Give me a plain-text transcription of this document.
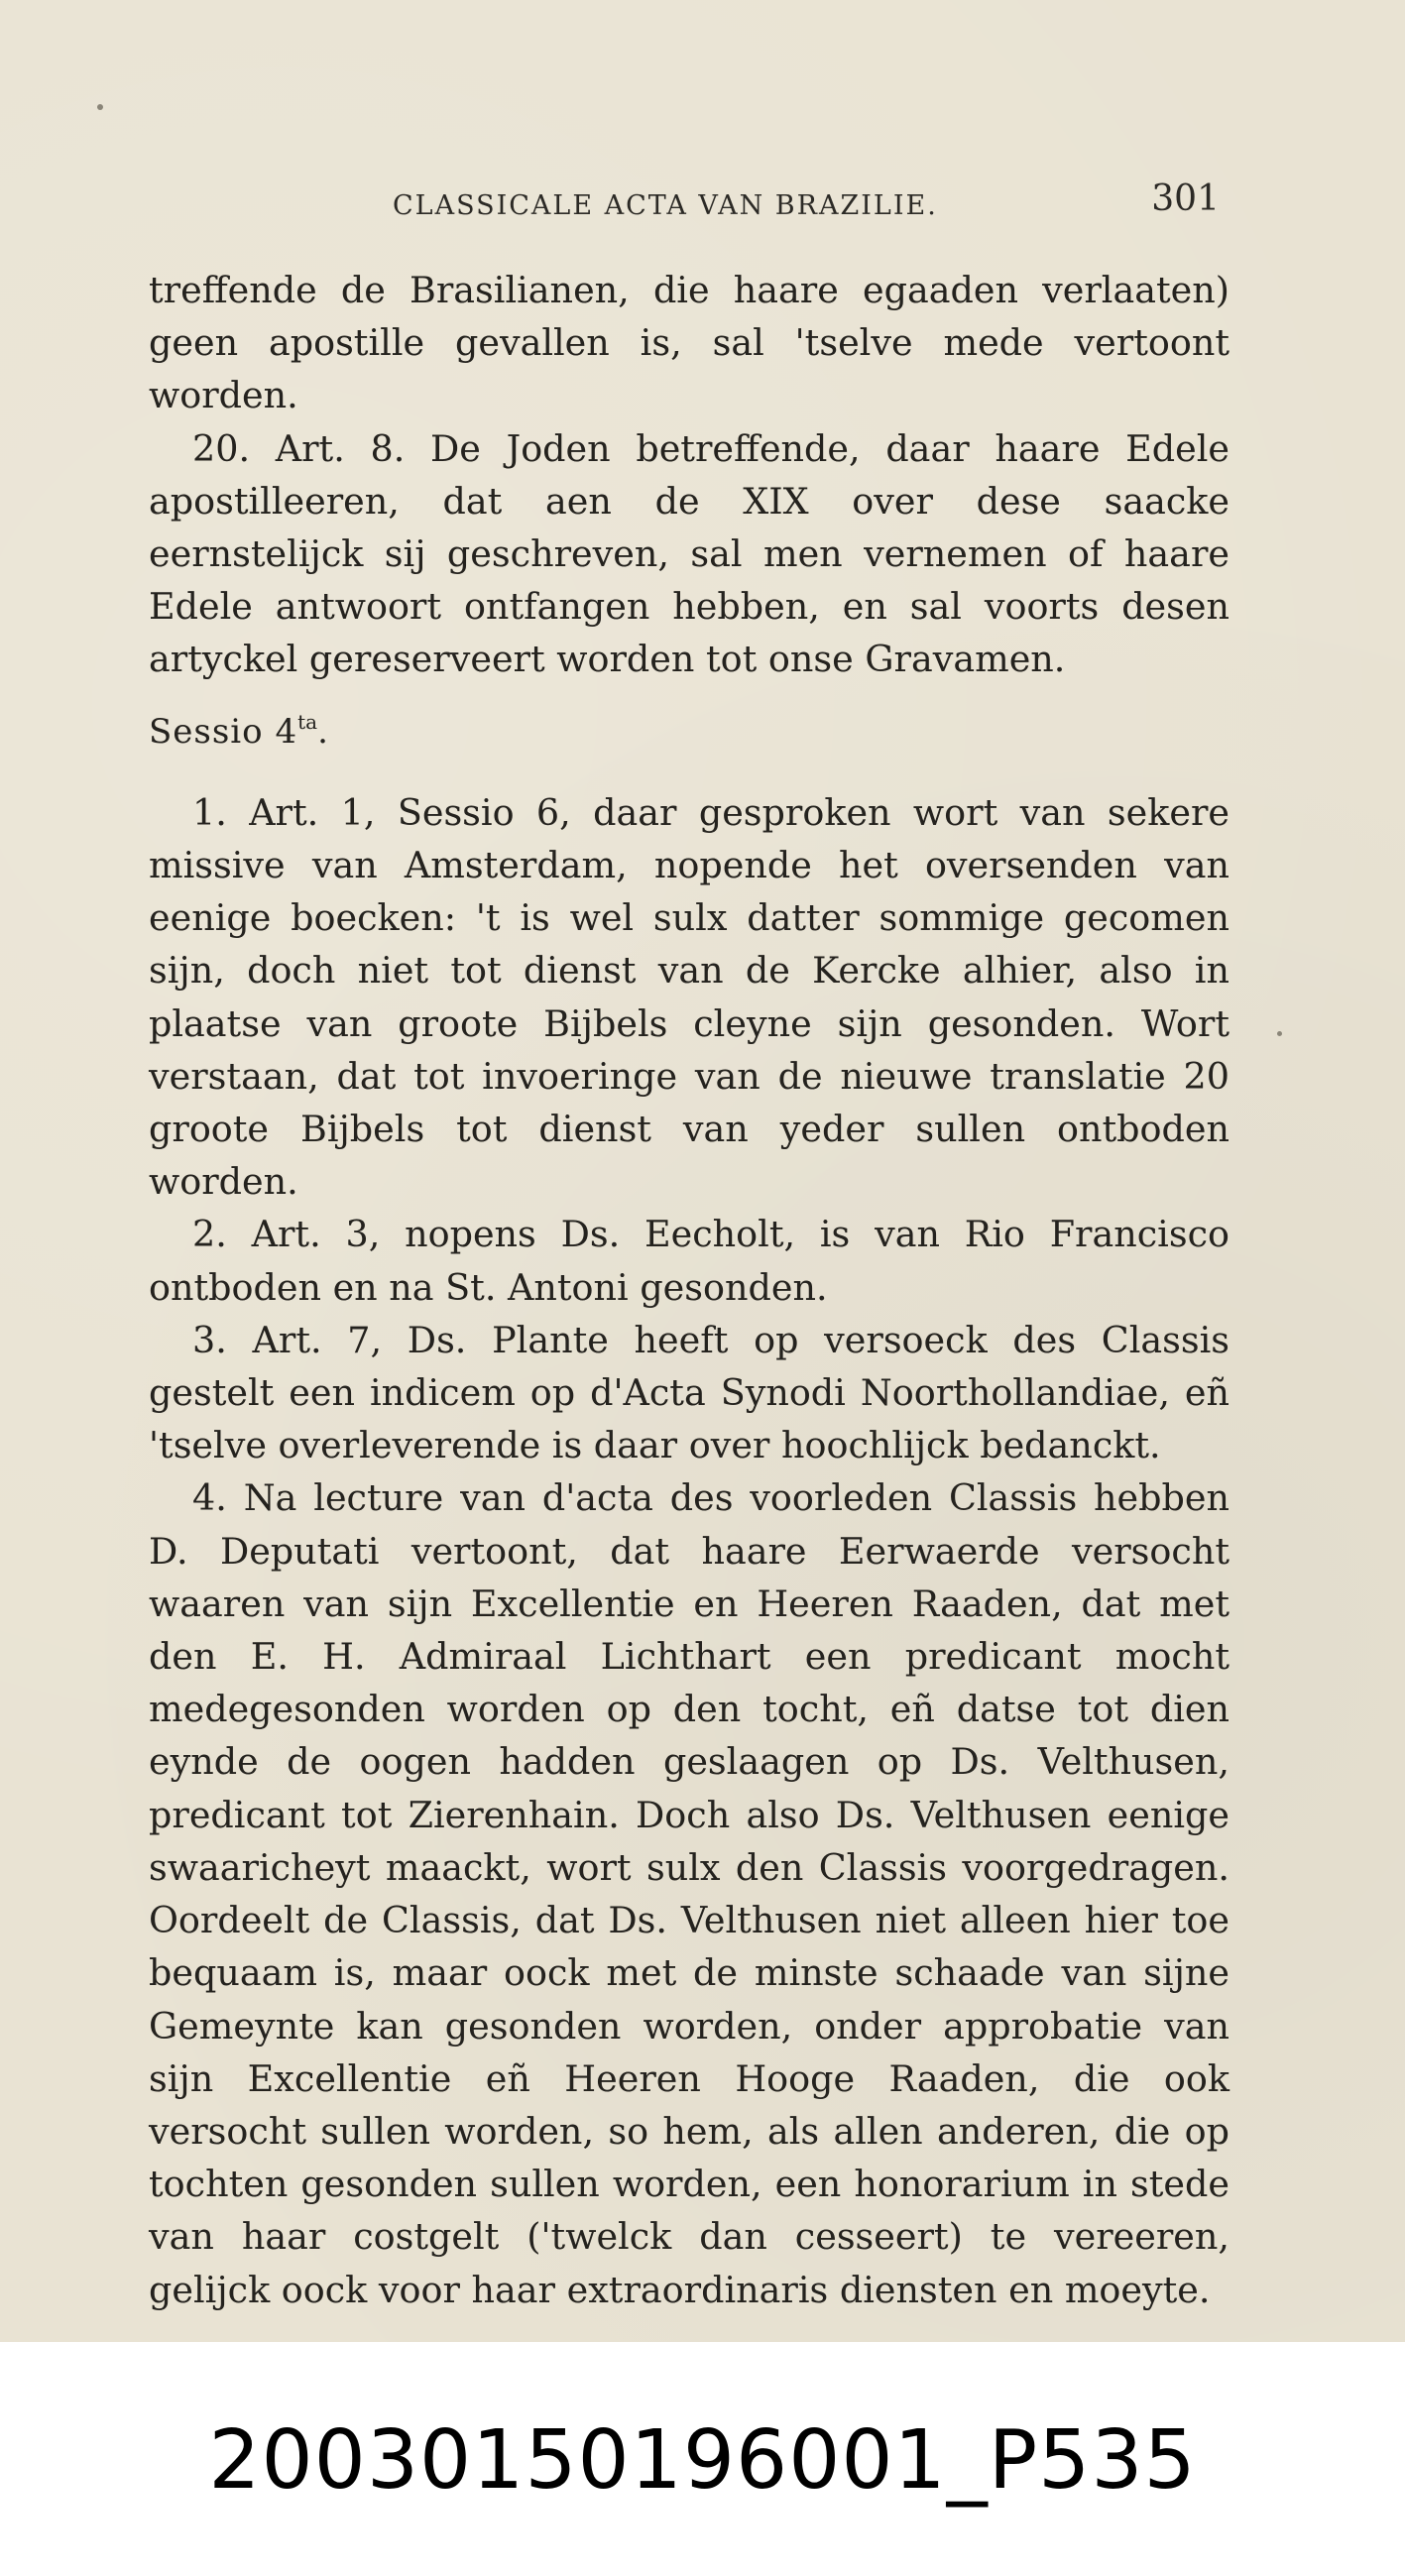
CLASSICALE ACTA VAN BRAZILIE.	301

treffende de Brasilianen, die haare egaaden verlaaten) geen apostille gevallen is, sal 'tselve mede vertoont worden.

20. Art. 8. De Joden betreffende, daar haare Edele apostilleeren, dat aen de XIX over dese saacke eernstelijck sij geschreven, sal men vernemen of haare Edele antwoort ontfangen hebben, en sal voorts desen artyckel gereserveert worden tot onse Gravamen.

Sessio $4^{ta}$.

1. Art. 1, Sessio 6, daar gesproken wort van sekere missive van Amsterdam, nopende het oversenden van eenige boecken: 't is wel sulx datter sommige gecomen sijn, doch niet tot dienst van de Kercke alhier, also in plaatse van groote Bijbels cleyne sijn gesonden. Wort verstaan, dat tot invoeringe van de nieuwe translatie 20 groote Bijbels tot dienst van yeder sullen ontboden worden.

2. Art. 3, nopens Ds. Eecholt, is van Rio Francisco ontboden en na St. Antoni gesonden.

3. Art. 7, Ds. Plante heeft op versoeck des Classis gestelt een indicem op d'Acta Synodi Noorthollandiae, eñ 'tselve overleverende is daar over hoochlijck bedanckt.

4. Na lecture van d'acta des voorleden Classis hebben D. Deputati vertoont, dat haare Eerwaerde versocht waaren van sijn Excellentie en Heeren Raaden, dat met den E. H. Admiraal Lichthart een predicant mocht medegesonden worden op den tocht, eñ datse tot dien eynde de oogen hadden geslaagen op Ds. Velthusen, predicant tot Zierenhain. Doch also Ds. Velthusen eenige swaaricheyt maackt, wort sulx den Classis voorgedragen. Oordeelt de Classis, dat Ds. Velthusen niet alleen hier toe bequaam is, maar oock met de minste schaade van sijne Gemeynte kan gesonden worden, onder approbatie van sijn Excellentie eñ Heeren Hooge Raaden, die ook versocht sullen worden, so hem, als allen anderen, die op tochten gesonden sullen worden, een honorarium in stede van haar costgelt ('twelck dan cesseert) te vereeren, gelijck oock voor haar extraordinaris diensten en moeyte.

20030150196001_P535
